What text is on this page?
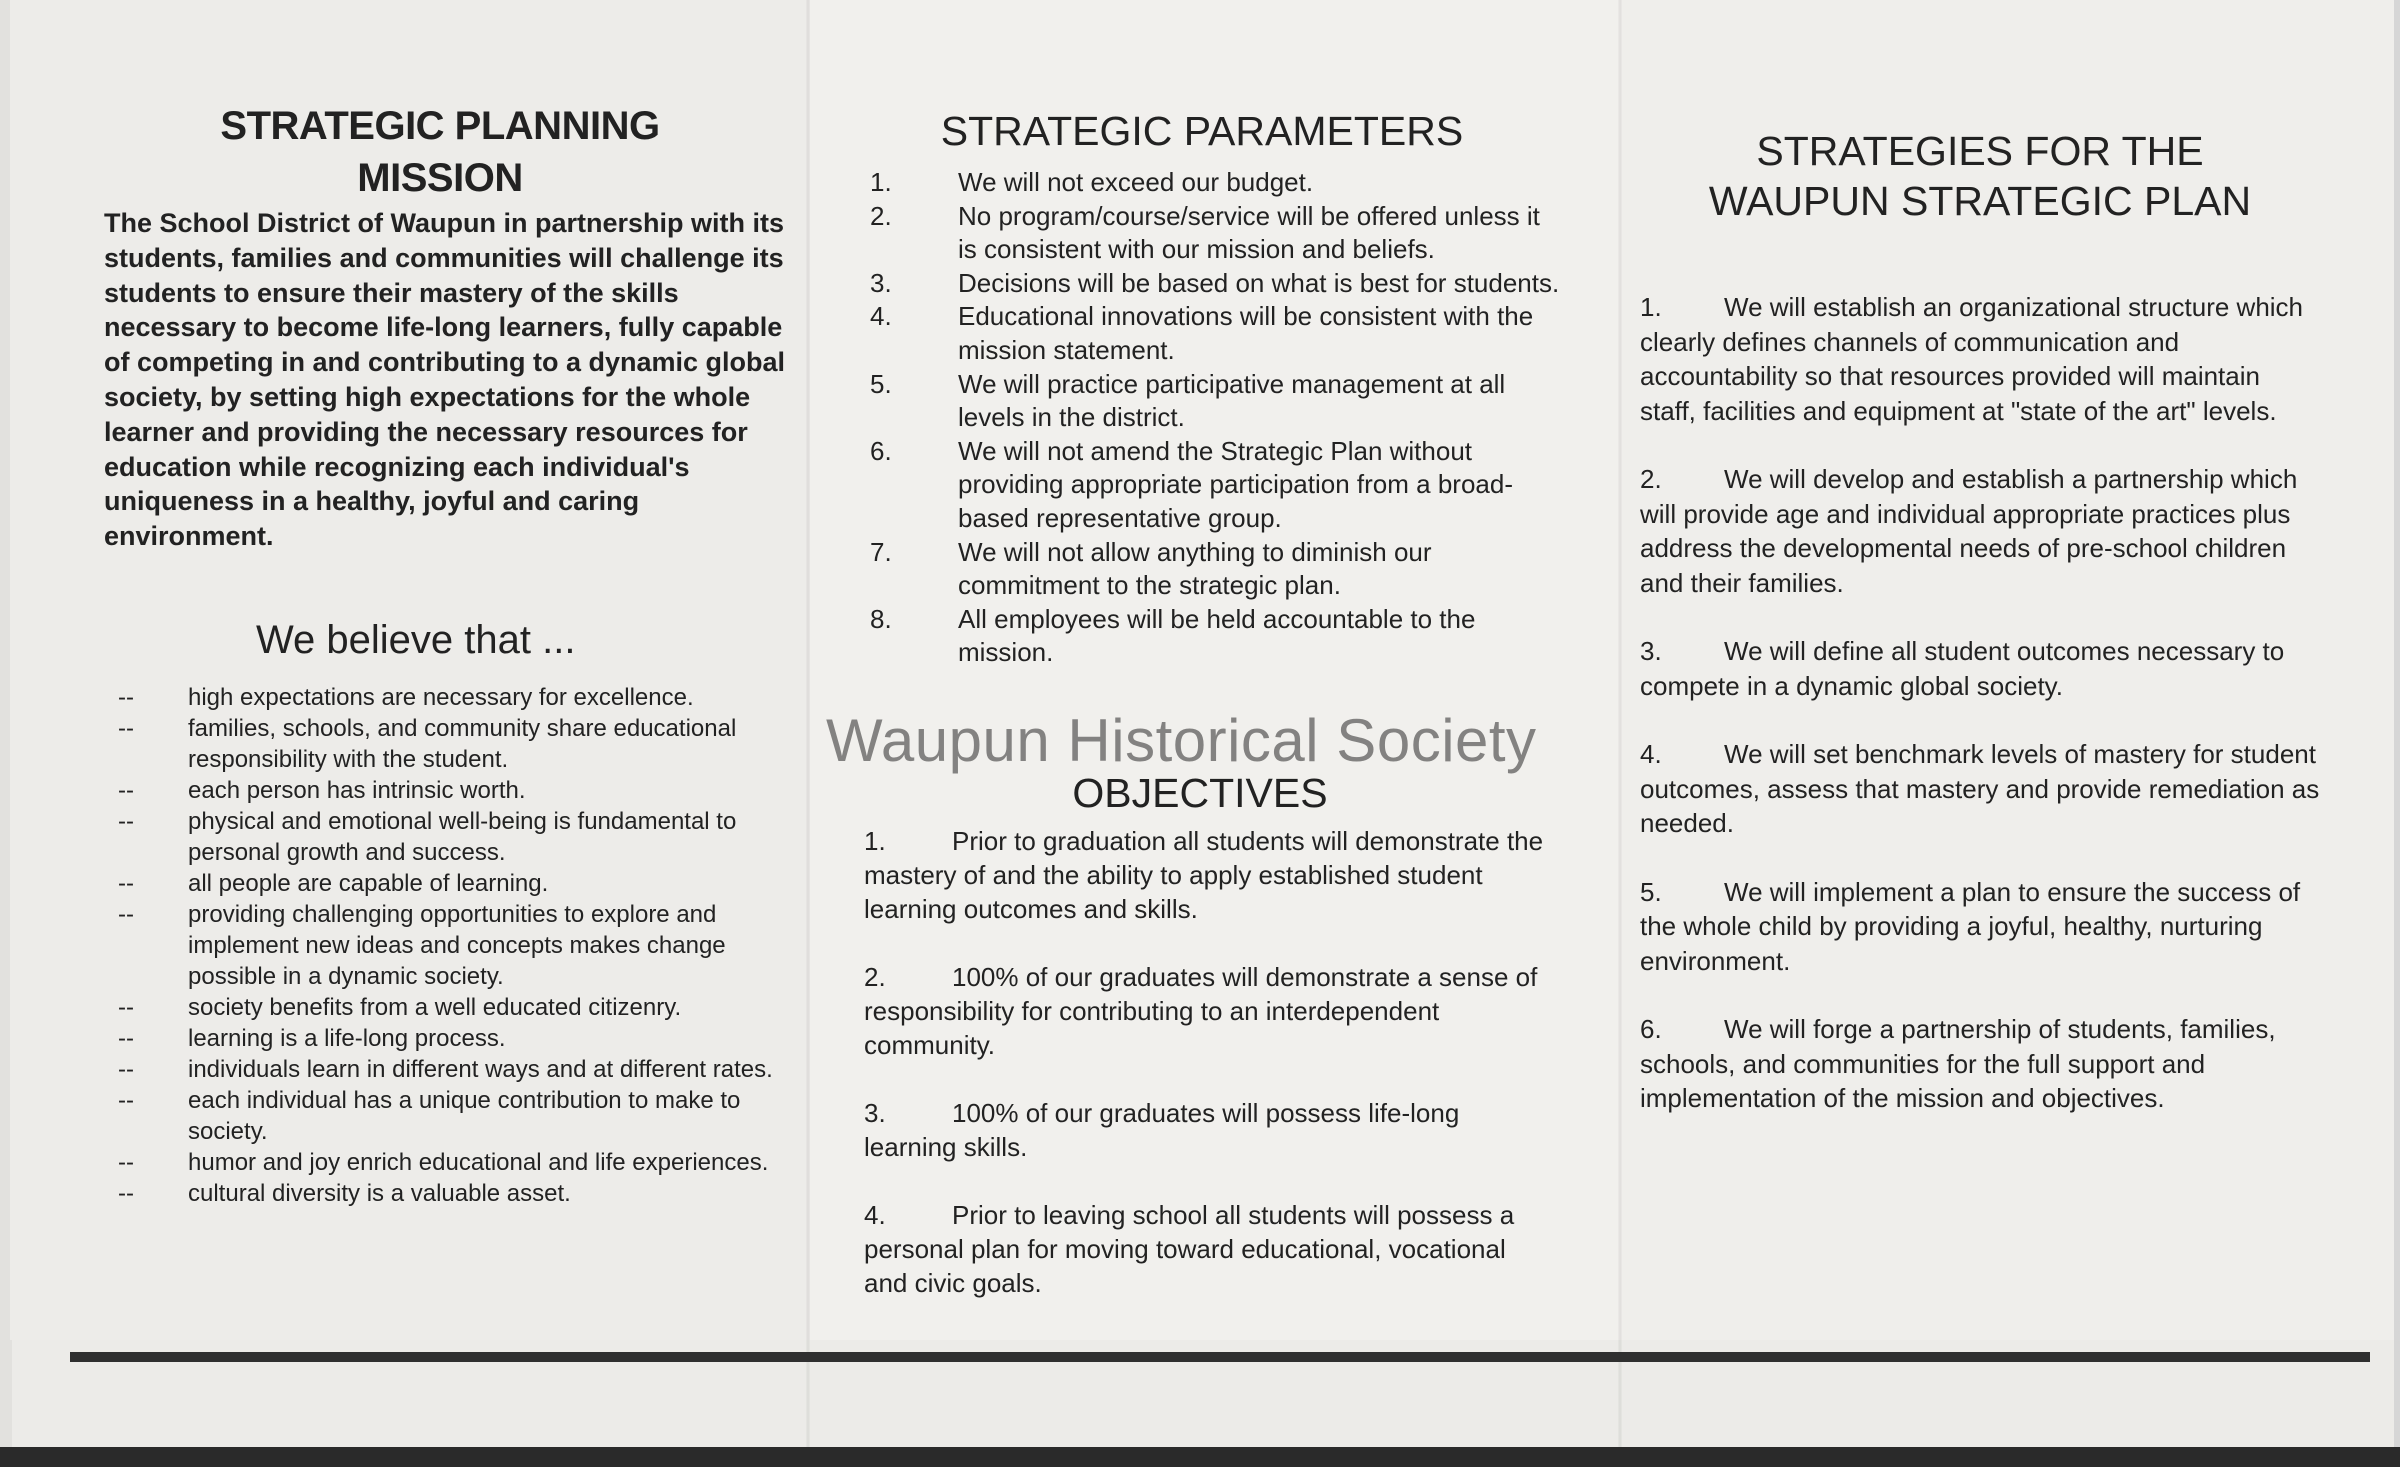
STRATEGIC PLANNING
MISSION
The School District of Waupun in partnership with its students, families and communities will challenge its students to ensure their mastery of the skills necessary to become life-long learners, fully capable of competing in and contributing to a dynamic global society, by setting high expectations for the whole learner and providing the necessary resources for education while recognizing each individual's uniqueness in a healthy, joyful and caring environment.
We believe that ...
-- high expectations are necessary for excellence.
-- families, schools, and community share educational responsibility with the student.
-- each person has intrinsic worth.
-- physical and emotional well-being is fundamental to personal growth and success.
-- all people are capable of learning.
-- providing challenging opportunities to explore and implement new ideas and concepts makes change possible in a dynamic society.
-- society benefits from a well educated citizenry.
-- learning is a life-long process.
-- individuals learn in different ways and at different rates.
-- each individual has a unique contribution to make to society.
-- humor and joy enrich educational and life experiences.
-- cultural diversity is a valuable asset.
STRATEGIC PARAMETERS
1.	We will not exceed our budget.
2.	No program/course/service will be offered unless it is consistent with our mission and beliefs.
3.	Decisions will be based on what is best for students.
4.	Educational innovations will be consistent with the mission statement.
5.	We will practice participative management at all levels in the district.
6.	We will not amend the Strategic Plan without providing appropriate participation from a broad-based representative group.
7.	We will not allow anything to diminish our commitment to the strategic plan.
8.	All employees will be held accountable to the mission.
OBJECTIVES

1.	Prior to graduation all students will demonstrate the mastery of and the ability to apply established student learning outcomes and skills.

2.	100% of our graduates will demonstrate a sense of responsibility for contributing to an interdependent community.

3.	100% of our graduates will possess life-long learning skills.

4.	Prior to leaving school all students will possess a personal plan for moving toward educational, vocational and civic goals.

STRATEGIES FOR THE
WAUPUN STRATEGIC PLAN

1. We will establish an organizational structure which clearly defines channels of communication and accountability so that resources provided will maintain staff, facilities and equipment at "state of the art" levels.

2. We will develop and establish a partnership which will provide age and individual appropriate practices plus address the developmental needs of pre-school children and their families.

3. We will define all student outcomes necessary to compete in a dynamic global society.

4. We will set benchmark levels of mastery for student outcomes, assess that mastery and provide remediation as needed.

5. We will implement a plan to ensure the success of the whole child by providing a joyful, healthy, nurturing environment.

6. We will forge a partnership of students, families, schools, and communities for the full support and implementation of the mission and objectives.

Waupun Historical Society
